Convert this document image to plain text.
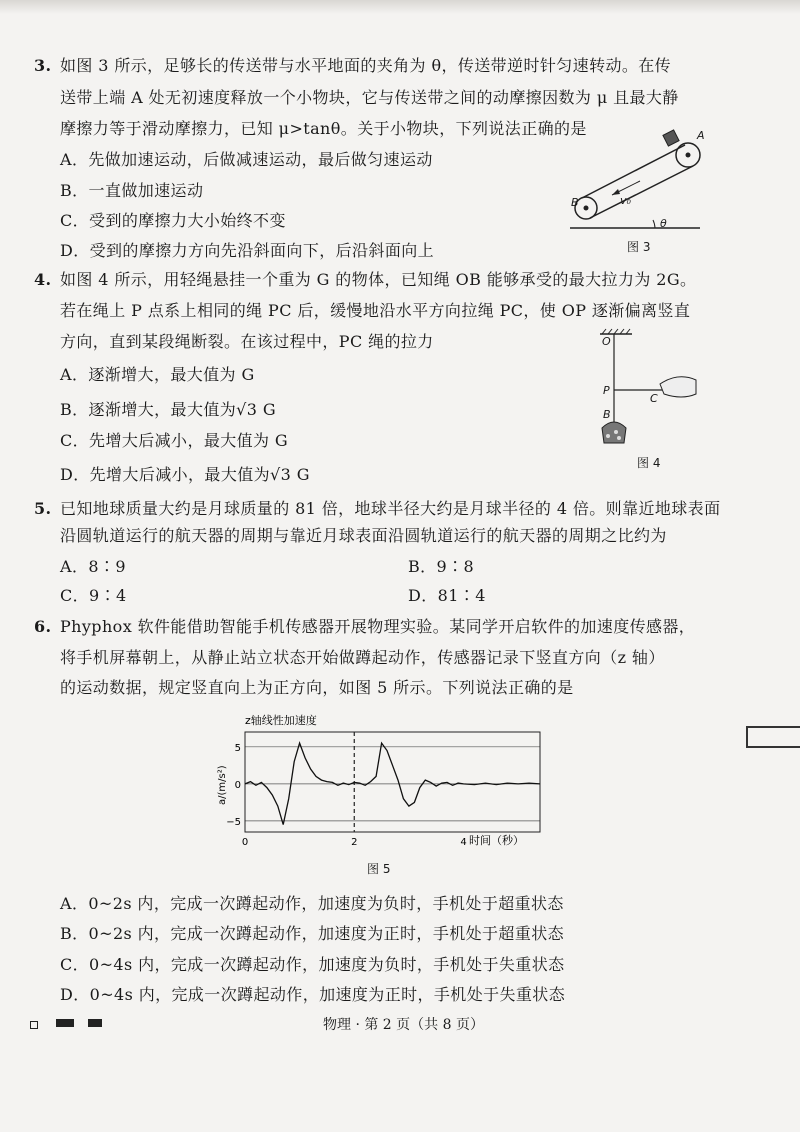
3. 如图 3 所示，足够长的传送带与水平地面的夹角为 θ，传送带逆时针匀速转动。在传
送带上端 A 处无初速度释放一个小物块，它与传送带之间的动摩擦因数为 μ 且最大静
摩擦力等于滑动摩擦力，已知 μ>tanθ。关于小物块，下列说法正确的是
A．先做加速运动，后做减速运动，最后做匀速运动
B．一直做加速运动
C．受到的摩擦力大小始终不变
D．受到的摩擦力方向先沿斜面向下，后沿斜面向上
A
B	v₀
θ
图 3
4. 如图 4 所示，用轻绳悬挂一个重为 G 的物体，已知绳 OB 能够承受的最大拉力为 2G。
若在绳上 P 点系上相同的绳 PC 后，缓慢地沿水平方向拉绳 PC，使 OP 逐渐偏离竖直
方向，直到某段绳断裂。在该过程中，PC 绳的拉力
A．逐渐增大，最大值为 G
B．逐渐增大，最大值为√3 G
C．先增大后减小，最大值为 G
D．先增大后减小，最大值为√3 G
O
P
B
C
图 4
5. 已知地球质量大约是月球质量的 81 倍，地球半径大约是月球半径的 4 倍。则靠近地球表面
沿圆轨道运行的航天器的周期与靠近月球表面沿圆轨道运行的航天器的周期之比约为
A．8∶9	B．9∶8
C．9∶4	D．81∶4
6. Phyphox 软件能借助智能手机传感器开展物理实验。某同学开启软件的加速度传感器，
将手机屏幕朝上，从静止站立状态开始做蹲起动作，传感器记录下竖直方向（z 轴）
的运动数据，规定竖直向上为正方向，如图 5 所示。下列说法正确的是
z轴线性加速度
a/(m/s²)
时间（秒）
5
0
−5
0	2	4
图 5
A．0~2s 内，完成一次蹲起动作，加速度为负时，手机处于超重状态
B．0~2s 内，完成一次蹲起动作，加速度为正时，手机处于超重状态
C．0~4s 内，完成一次蹲起动作，加速度为负时，手机处于失重状态
D．0~4s 内，完成一次蹲起动作，加速度为正时，手机处于失重状态
物理 · 第 2 页（共 8 页）
